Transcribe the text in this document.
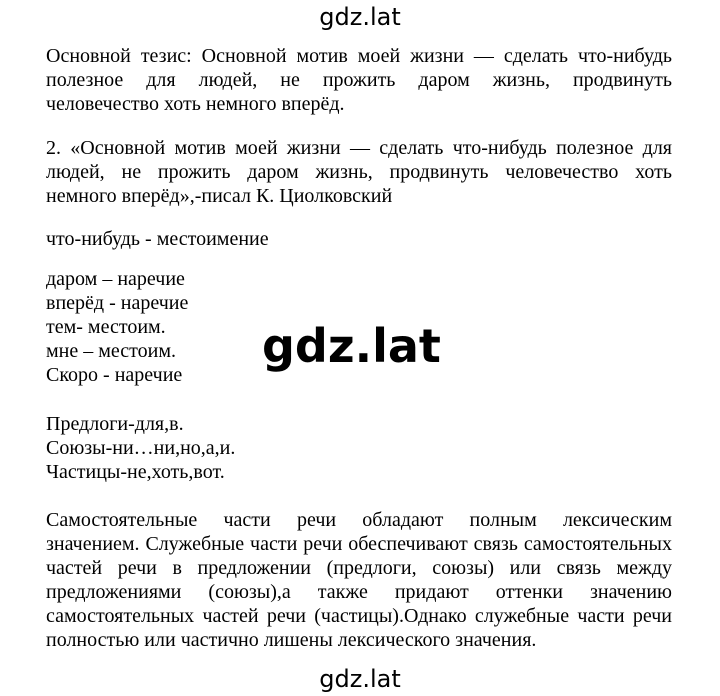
gdz.lat
Основной тезис: Основной мотив моей жизни — сделать что-нибудь
полезное для людей, не прожить даром жизнь, продвинуть
человечество хоть немного вперёд.
2. «Основной мотив моей жизни — сделать что-нибудь полезное для
людей, не прожить даром жизнь, продвинуть человечество хоть
немного вперёд»,-писал К. Циолковский
что-нибудь - местоимение
даром – наречие
вперёд - наречие
тем- местоим.
мне – местоим.
Скоро - наречие
gdz.lat
Предлоги-для,в.
Союзы-ни…ни,но,а,и.
Частицы-не,хоть,вот.
Самостоятельные части речи обладают полным лексическим
значением. Служебные части речи обеспечивают связь самостоятельных
частей речи в предложении (предлоги, союзы) или связь между
предложениями (союзы),а также придают оттенки значению
самостоятельных частей речи (частицы).Однако служебные части речи
полностью или частично лишены лексического значения.
gdz.lat
